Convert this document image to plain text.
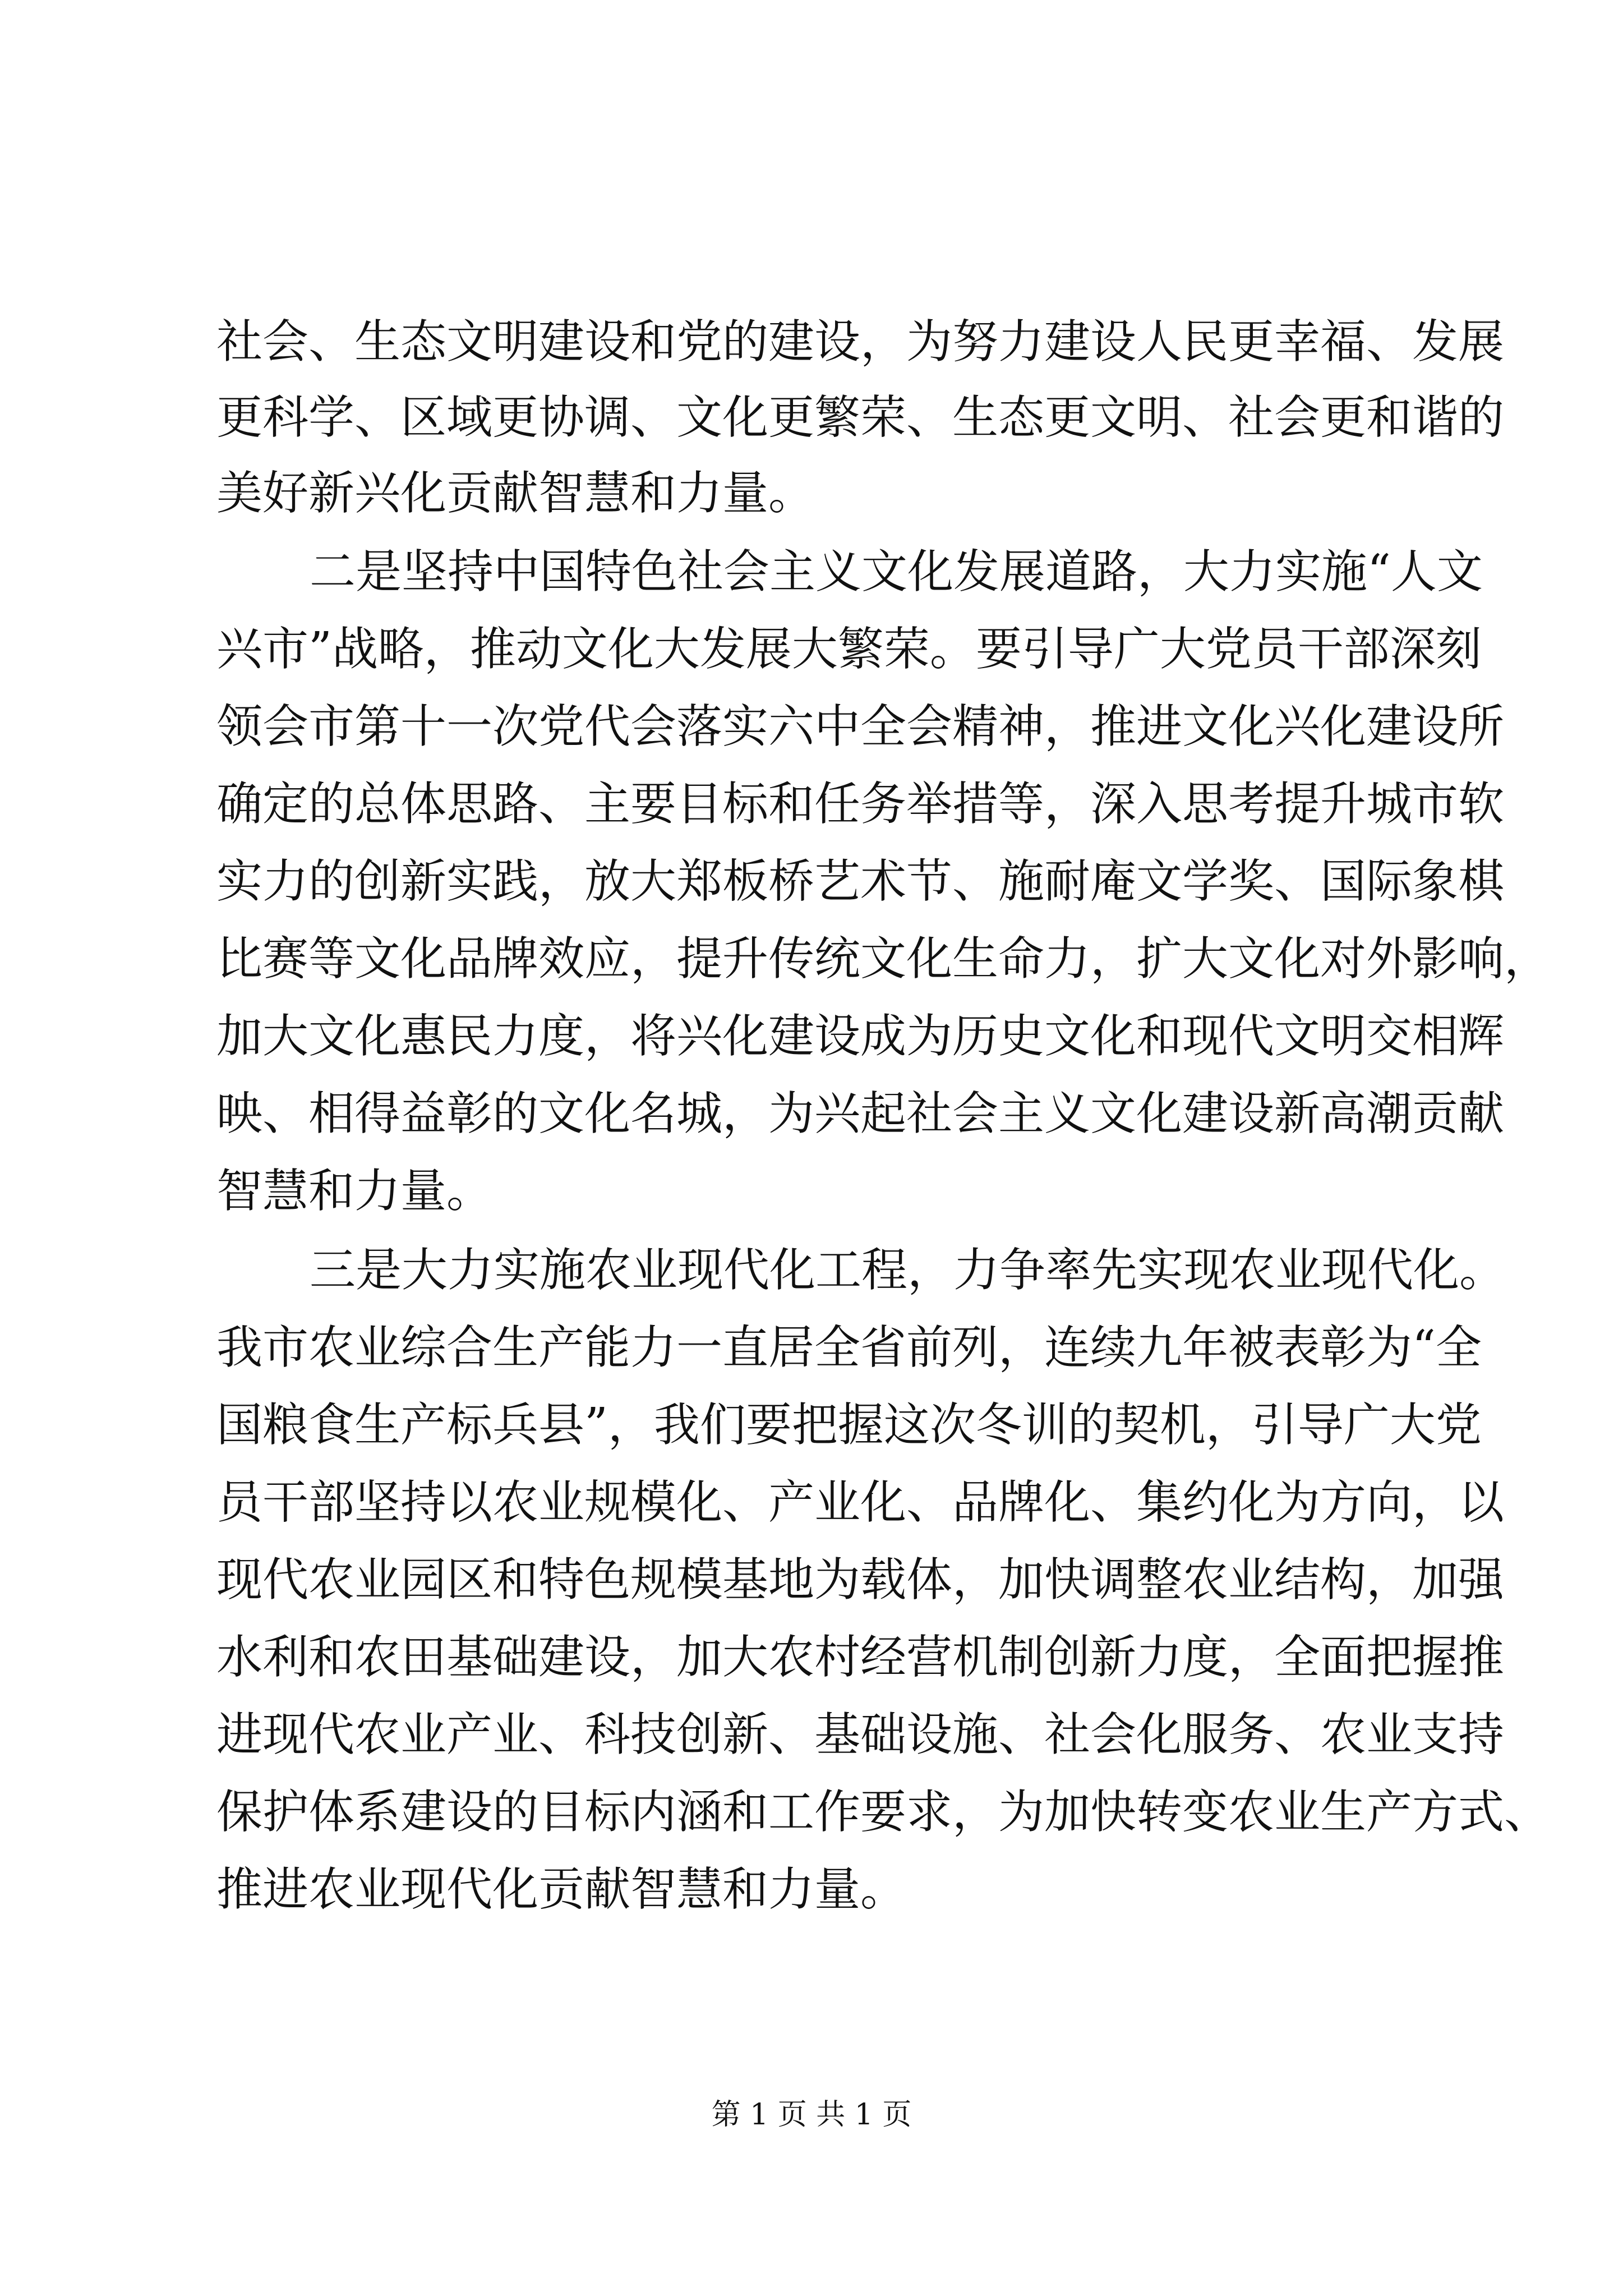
社会、生态文明建设和党的建设，为努力建设人民更幸福、发展
更科学、区域更协调、文化更繁荣、生态更文明、社会更和谐的
美好新兴化贡献智慧和力量。
二是坚持中国特色社会主义文化发展道路，大力实施“人文
兴市”战略，推动文化大发展大繁荣。要引导广大党员干部深刻
领会市第十一次党代会落实六中全会精神，推进文化兴化建设所
确定的总体思路、主要目标和任务举措等，深入思考提升城市软
实力的创新实践，放大郑板桥艺术节、施耐庵文学奖、国际象棋
比赛等文化品牌效应，提升传统文化生命力，扩大文化对外影响，
加大文化惠民力度，将兴化建设成为历史文化和现代文明交相辉
映、相得益彰的文化名城，为兴起社会主义文化建设新高潮贡献
智慧和力量。
三是大力实施农业现代化工程，力争率先实现农业现代化。
我市农业综合生产能力一直居全省前列，连续九年被表彰为“全
国粮食生产标兵县”，我们要把握这次冬训的契机，引导广大党
员干部坚持以农业规模化、产业化、品牌化、集约化为方向，以
现代农业园区和特色规模基地为载体，加快调整农业结构，加强
水利和农田基础建设，加大农村经营机制创新力度，全面把握推
进现代农业产业、科技创新、基础设施、社会化服务、农业支持
保护体系建设的目标内涵和工作要求，为加快转变农业生产方式、
推进农业现代化贡献智慧和力量。
第 1 页 共 1 页
